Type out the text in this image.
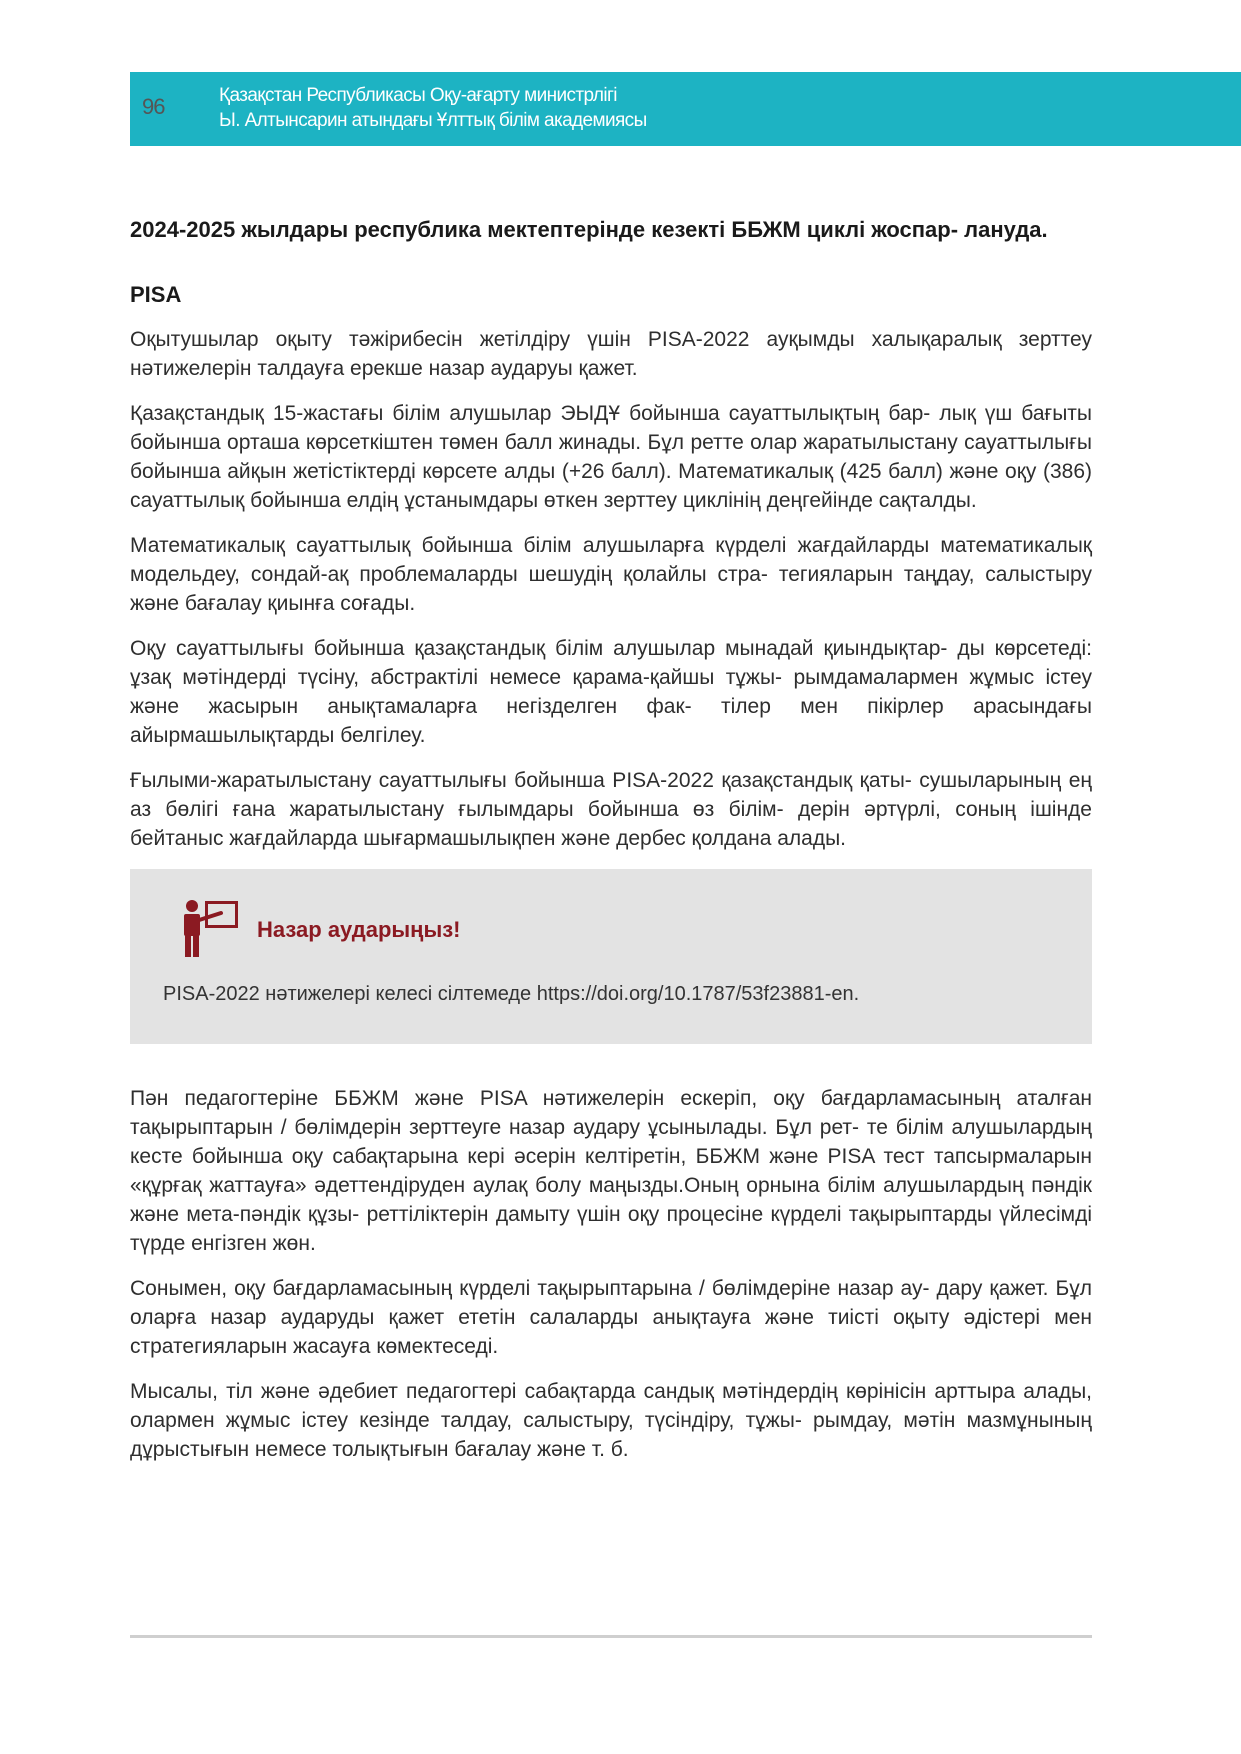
96	Қазақстан Республикасы Оқу-ағарту министрлігі
Ы. Алтынсарин атындағы Ұлттық білім академиясы
2024-2025 жылдары республика мектептерінде кезекті ББЖМ циклі жоспар- лануда.
PISA

Оқытушылар оқыту тәжірибесін жетілдіру үшін PISA-2022 ауқымды халықаралық зерттеу нәтижелерін талдауға ерекше назар аударуы қажет.

Қазақстандық 15-жастағы білім алушылар ЭЫДҰ бойынша сауаттылықтың бар- лық үш бағыты бойынша орташа көрсеткіштен төмен балл жинады. Бұл ретте олар жаратылыстану сауаттылығы бойынша айқын жетістіктерді көрсете алды (+26 балл). Математикалық (425 балл) және оқу (386) сауаттылық бойынша елдің ұстанымдары өткен зерттеу циклінің деңгейінде сақталды.

Математикалық сауаттылық бойынша білім алушыларға күрделі жағдайларды математикалық модельдеу, сондай-ақ проблемаларды шешудің қолайлы стра- тегияларын таңдау, салыстыру және бағалау қиынға соғады.

Оқу сауаттылығы бойынша қазақстандық білім алушылар мынадай қиындықтар- ды көрсетеді: ұзақ мәтіндерді түсіну, абстрактілі немесе қарама-қайшы тұжы- рымдамалармен жұмыс істеу және жасырын анықтамаларға негізделген фак- тілер мен пікірлер арасындағы айырмашылықтарды белгілеу.

Ғылыми-жаратылыстану сауаттылығы бойынша PISA-2022 қазақстандық қаты- сушыларының ең аз бөлігі ғана жаратылыстану ғылымдары бойынша өз білім- дерін әртүрлі, соның ішінде бейтаныс жағдайларда шығармашылықпен және дербес қолдана алады.

Назар аударыңыз!
PISA-2022 нәтижелері келесі сілтемеде https://doi.org/10.1787/53f23881-en.

Пән педагогтеріне ББЖМ және PISA нәтижелерін ескеріп, оқу бағдарламасының аталған тақырыптарын / бөлімдерін зерттеуге назар аудару ұсынылады. Бұл рет- те білім алушылардың кесте бойынша оқу сабақтарына кері әсерін келтіретін, ББЖМ және PISA тест тапсырмаларын «құрғақ жаттауға» әдеттендіруден аулақ болу маңызды.Оның орнына білім алушылардың пәндік және мета-пәндік құзы- реттіліктерін дамыту үшін оқу процесіне күрделі тақырыптарды үйлесімді түрде енгізген жөн.

Сонымен, оқу бағдарламасының күрделі тақырыптарына / бөлімдеріне назар ау- дару қажет. Бұл оларға назар аударуды қажет ететін салаларды анықтауға және тиісті оқыту әдістері мен стратегияларын жасауға көмектеседі.

Мысалы, тіл және әдебиет педагогтері сабақтарда сандық мәтіндердің көрінісін арттыра алады, олармен жұмыс істеу кезінде талдау, салыстыру, түсіндіру, тұжы- рымдау, мәтін мазмұнының дұрыстығын немесе толықтығын бағалау және т. б.
